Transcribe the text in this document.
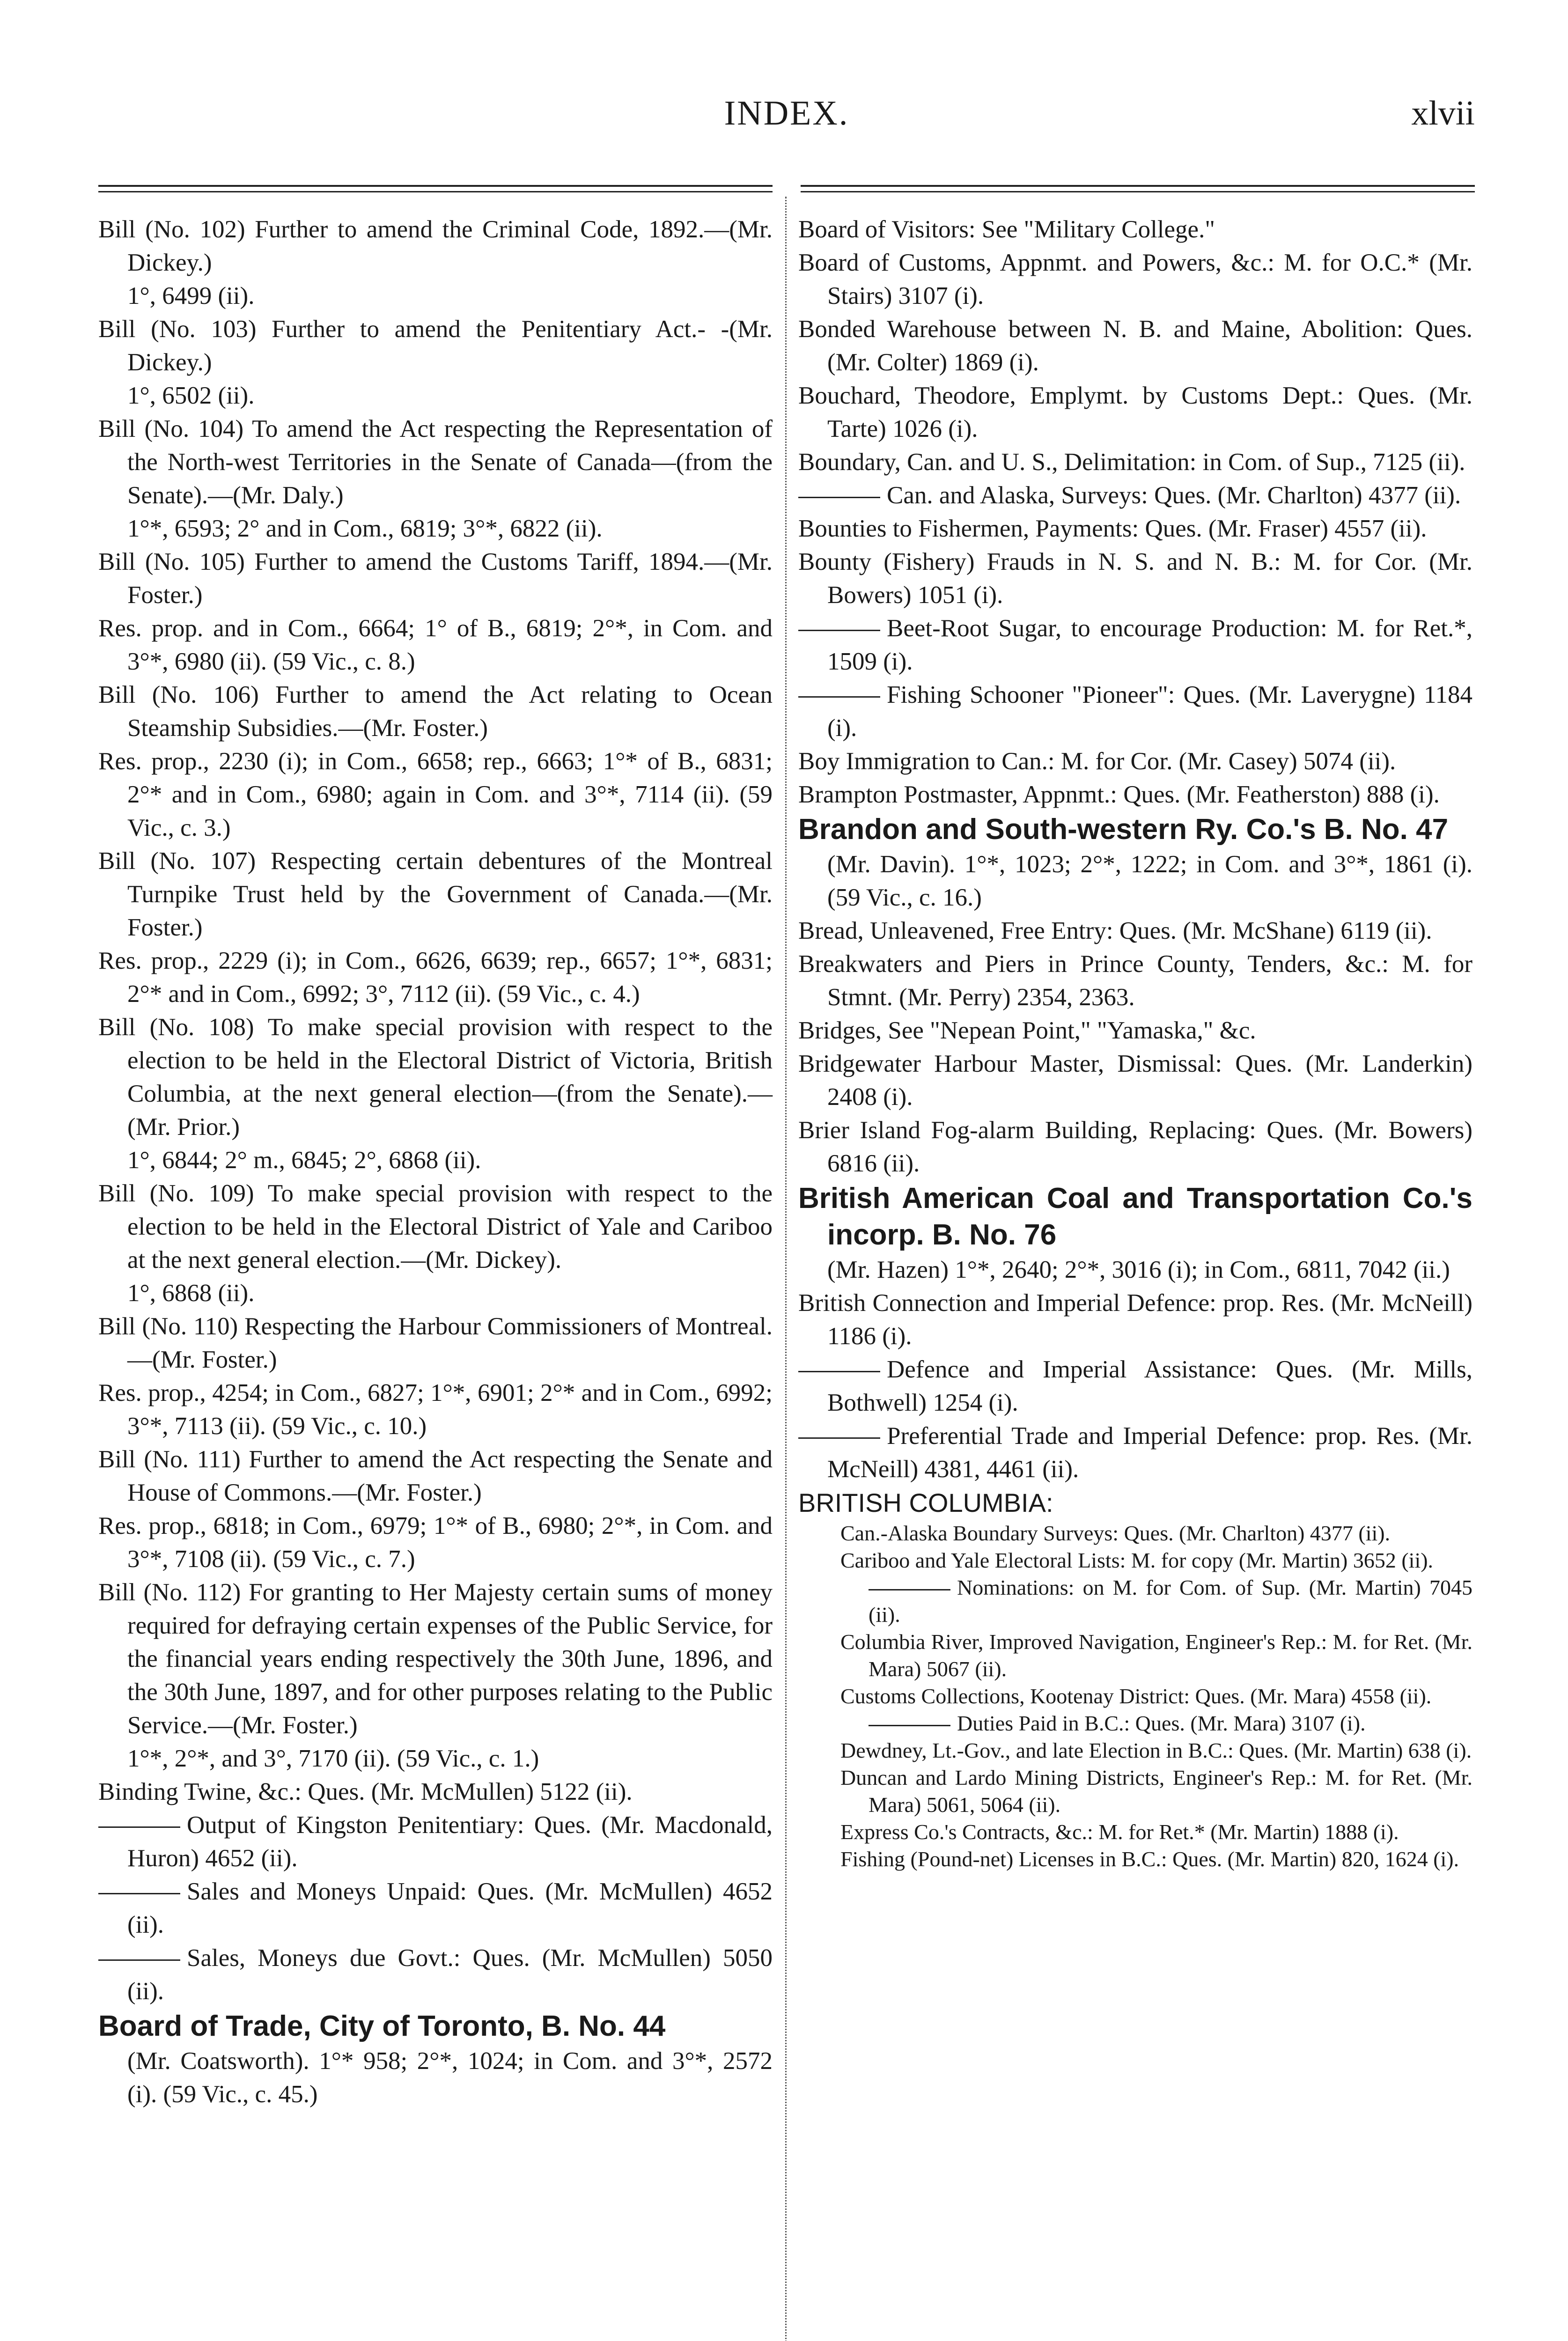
INDEX.	xlvii

Bill (No. 102) Further to amend the Criminal Code, 1892.—(Mr. Dickey.)

1°, 6499 (ii).

Bill (No. 103) Further to amend the Penitentiary Act.- -(Mr. Dickey.)

1°, 6502 (ii).

Bill (No. 104) To amend the Act respecting the Representation of the North-west Territories in the Senate of Canada—(from the Senate).—(Mr. Daly.)

1°*, 6593; 2° and in Com., 6819; 3°*, 6822 (ii).

Bill (No. 105) Further to amend the Customs Tariff, 1894.—(Mr. Foster.)

Res. prop. and in Com., 6664; 1° of B., 6819; 2°*, in Com. and 3°*, 6980 (ii). (59 Vic., c. 8.)

Bill (No. 106) Further to amend the Act relating to Ocean Steamship Subsidies.—(Mr. Foster.)

Res. prop., 2230 (i); in Com., 6658; rep., 6663; 1°* of B., 6831; 2°* and in Com., 6980; again in Com. and 3°*, 7114 (ii). (59 Vic., c. 3.)

Bill (No. 107) Respecting certain debentures of the Montreal Turnpike Trust held by the Government of Canada.—(Mr. Foster.)

Res. prop., 2229 (i); in Com., 6626, 6639; rep., 6657; 1°*, 6831; 2°* and in Com., 6992; 3°, 7112 (ii). (59 Vic., c. 4.)

Bill (No. 108) To make special provision with respect to the election to be held in the Electoral District of Victoria, British Columbia, at the next general election—(from the Senate).—(Mr. Prior.)

1°, 6844; 2° m., 6845; 2°, 6868 (ii).

Bill (No. 109) To make special provision with respect to the election to be held in the Electoral District of Yale and Cariboo at the next general election.—(Mr. Dickey).

1°, 6868 (ii).

Bill (No. 110) Respecting the Harbour Commissioners of Montreal.—(Mr. Foster.)

Res. prop., 4254; in Com., 6827; 1°*, 6901; 2°* and in Com., 6992; 3°*, 7113 (ii). (59 Vic., c. 10.)

Bill (No. 111) Further to amend the Act respecting the Senate and House of Commons.—(Mr. Foster.)

Res. prop., 6818; in Com., 6979; 1°* of B., 6980; 2°*, in Com. and 3°*, 7108 (ii). (59 Vic., c. 7.)

Bill (No. 112) For granting to Her Majesty certain sums of money required for defraying certain expenses of the Public Service, for the financial years ending respectively the 30th June, 1896, and the 30th June, 1897, and for other purposes relating to the Public Service.—(Mr. Foster.)

1°*, 2°*, and 3°, 7170 (ii). (59 Vic., c. 1.)

Binding Twine, &c.: Ques. (Mr. McMullen) 5122 (ii).

Output of Kingston Penitentiary: Ques. (Mr. Macdonald, Huron) 4652 (ii).

Sales and Moneys Unpaid: Ques. (Mr. McMullen) 4652 (ii).

Sales, Moneys due Govt.: Ques. (Mr. McMullen) 5050 (ii).

Board of Trade, City of Toronto, B. No. 44

(Mr. Coatsworth). 1°* 958; 2°*, 1024; in Com. and 3°*, 2572 (i). (59 Vic., c. 45.)

Board of Visitors: See "Military College."

Board of Customs, Appnmt. and Powers, &c.: M. for O.C.* (Mr. Stairs) 3107 (i).

Bonded Warehouse between N. B. and Maine, Abolition: Ques. (Mr. Colter) 1869 (i).

Bouchard, Theodore, Emplymt. by Customs Dept.: Ques. (Mr. Tarte) 1026 (i).

Boundary, Can. and U. S., Delimitation: in Com. of Sup., 7125 (ii).

Can. and Alaska, Surveys: Ques. (Mr. Charlton) 4377 (ii).

Bounties to Fishermen, Payments: Ques. (Mr. Fraser) 4557 (ii).

Bounty (Fishery) Frauds in N. S. and N. B.: M. for Cor. (Mr. Bowers) 1051 (i).

Beet-Root Sugar, to encourage Production: M. for Ret.*, 1509 (i).

Fishing Schooner "Pioneer": Ques. (Mr. Laverygne) 1184 (i).

Boy Immigration to Can.: M. for Cor. (Mr. Casey) 5074 (ii).

Brampton Postmaster, Appnmt.: Ques. (Mr. Featherston) 888 (i).

Brandon and South-western Ry. Co.'s B. No. 47

(Mr. Davin). 1°*, 1023; 2°*, 1222; in Com. and 3°*, 1861 (i). (59 Vic., c. 16.)

Bread, Unleavened, Free Entry: Ques. (Mr. McShane) 6119 (ii).

Breakwaters and Piers in Prince County, Tenders, &c.: M. for Stmnt. (Mr. Perry) 2354, 2363.

Bridges, See "Nepean Point," "Yamaska," &c.

Bridgewater Harbour Master, Dismissal: Ques. (Mr. Landerkin) 2408 (i).

Brier Island Fog-alarm Building, Replacing: Ques. (Mr. Bowers) 6816 (ii).

British American Coal and Transportation Co.'s incorp. B. No. 76

(Mr. Hazen) 1°*, 2640; 2°*, 3016 (i); in Com., 6811, 7042 (ii.)

British Connection and Imperial Defence: prop. Res. (Mr. McNeill) 1186 (i).

Defence and Imperial Assistance: Ques. (Mr. Mills, Bothwell) 1254 (i).

Preferential Trade and Imperial Defence: prop. Res. (Mr. McNeill) 4381, 4461 (ii).

BRITISH COLUMBIA:

Can.-Alaska Boundary Surveys: Ques. (Mr. Charlton) 4377 (ii).

Cariboo and Yale Electoral Lists: M. for copy (Mr. Martin) 3652 (ii).

Nominations: on M. for Com. of Sup. (Mr. Martin) 7045 (ii).

Columbia River, Improved Navigation, Engineer's Rep.: M. for Ret. (Mr. Mara) 5067 (ii).

Customs Collections, Kootenay District: Ques. (Mr. Mara) 4558 (ii).

Duties Paid in B.C.: Ques. (Mr. Mara) 3107 (i).

Dewdney, Lt.-Gov., and late Election in B.C.: Ques. (Mr. Martin) 638 (i).

Duncan and Lardo Mining Districts, Engineer's Rep.: M. for Ret. (Mr. Mara) 5061, 5064 (ii).

Express Co.'s Contracts, &c.: M. for Ret.* (Mr. Martin) 1888 (i).

Fishing (Pound-net) Licenses in B.C.: Ques. (Mr. Martin) 820, 1624 (i).
